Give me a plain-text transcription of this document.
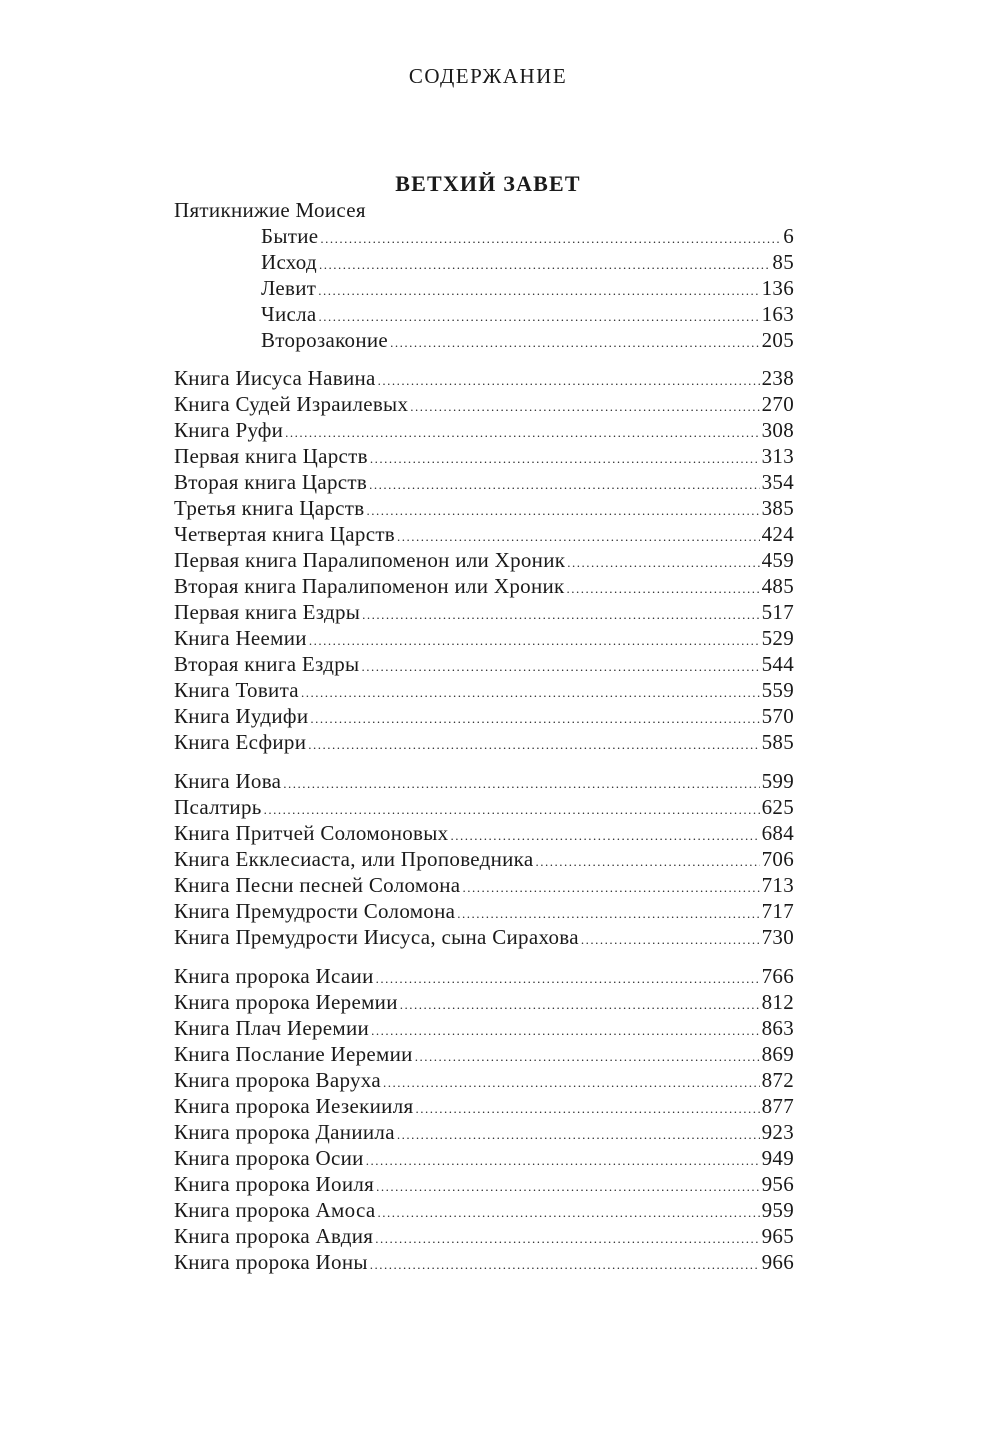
СОДЕРЖАНИЕ
ВЕТХИЙ ЗАВЕТ
Пятикнижие Моисея
Бытие .....	6
Исход .....	85
Левит .....	136
Числа .....	163
Второзаконие .....	205
Книга Иисуса Навина .....	238
Книга Судей Израилевых .....	270
Книга Руфи .....	308
Первая книга Царств .....	313
Вторая книга Царств .....	354
Третья книга Царств .....	385
Четвертая книга Царств .....	424
Первая книга Паралипоменон или Хроник .....	459
Вторая книга Паралипоменон или Хроник .....	485
Первая книга Ездры .....	517
Книга Неемии .....	529
Вторая книга Ездры .....	544
Книга Товита .....	559
Книга Иудифи .....	570
Книга Есфири .....	585
Книга Иова .....	599
Псалтирь .....	625
Книга Притчей Соломоновых .....	684
Книга Екклесиаста, или Проповедника .....	706
Книга Песни песней Соломона .....	713
Книга Премудрости Соломона .....	717
Книга Премудрости Иисуса, сына Сирахова .....	730
Книга пророка Исаии .....	766
Книга пророка Иеремии .....	812
Книга Плач Иеремии .....	863
Книга Послание Иеремии .....	869
Книга пророка Варуха .....	872
Книга пророка Иезекииля .....	877
Книга пророка Даниила .....	923
Книга пророка Осии .....	949
Книга пророка Иоиля .....	956
Книга пророка Амоса .....	959
Книга пророка Авдия .....	965
Книга пророка Ионы .....	966
